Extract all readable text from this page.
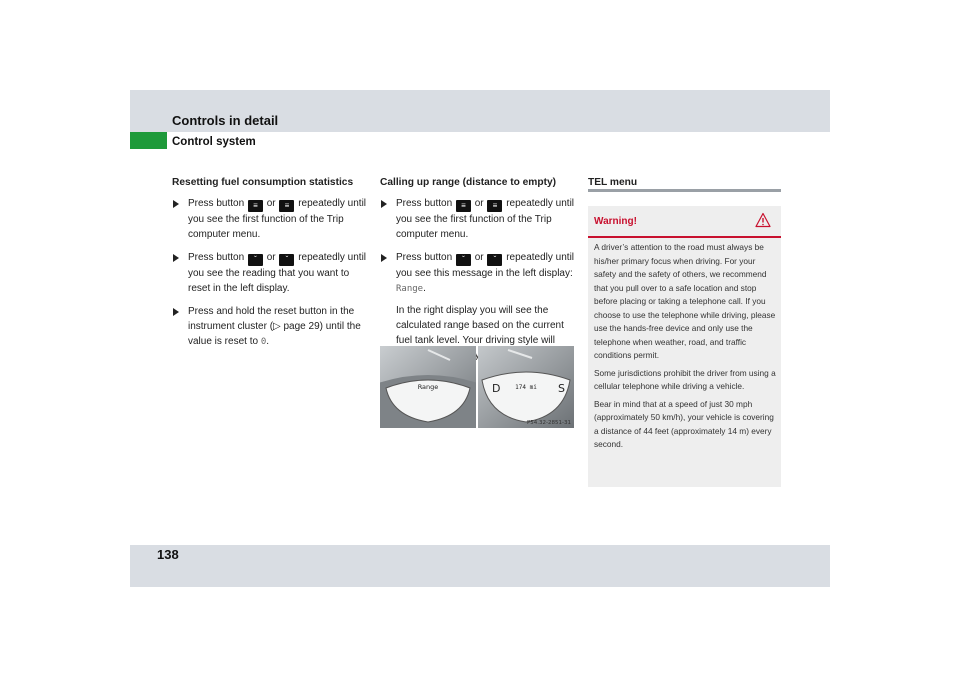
Controls in detail
Control system
Resetting fuel consumption statistics
Press button ≡ or ≡ repeatedly until you see the first function of the Trip computer menu.
Press button ˇ or ˇ repeatedly until you see the reading that you want to reset in the left display.
Press and hold the reset button in the instrument cluster (▷ page 29) until the value is reset to 0.
Calling up range (distance to empty)
Press button ≡ or ≡ repeatedly until you see the first function of the Trip computer menu.
Press button ˇ or ˇ repeatedly until you see this message in the left display: Range.
In the right display you will see the calculated range based on the current fuel tank level. Your driving style will
Range	D 174 mi S
P54.32-2851-31
TEL menu
Warning!

A driver’s attention to the road must always be his/her primary focus when driving. For your safety and the safety of others, we recommend that you pull over to a safe location and stop before placing or taking a telephone call. If you choose to use the telephone while driving, please use the hands-free device and only use the telephone when weather, road, and traffic conditions permit.

Some jurisdictions prohibit the driver from using a cellular telephone while driving a vehicle.

Bear in mind that at a speed of just 30 mph (approximately 50 km/h), your vehicle is covering a distance of 44 feet (approximately 14 m) every second.

138
